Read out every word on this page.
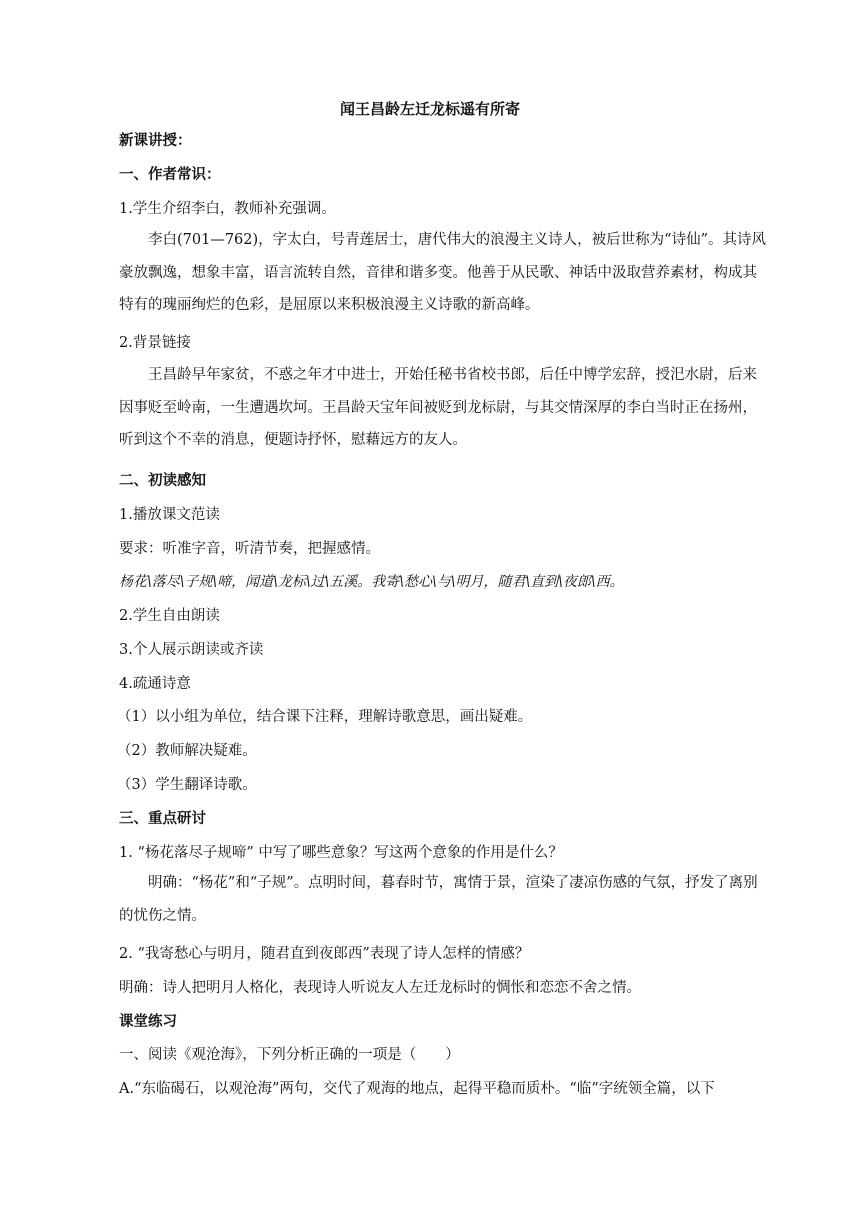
闻王昌龄左迁龙标遥有所寄
新课讲授：
一、作者常识：
1.学生介绍李白，教师补充强调。

李白(701—762)，字太白，号青莲居士，唐代伟大的浪漫主义诗人，被后世称为“诗仙”。其诗风豪放飘逸，想象丰富，语言流转自然，音律和谐多变。他善于从民歌、神话中汲取营养素材，构成其特有的瑰丽绚烂的色彩，是屈原以来积极浪漫主义诗歌的新高峰。

2.背景链接

王昌龄早年家贫，不惑之年才中进士，开始任秘书省校书郎，后任中博学宏辞，授汜水尉，后来因事贬至岭南，一生遭遇坎坷。王昌龄天宝年间被贬到龙标尉，与其交情深厚的李白当时正在扬州，听到这个不幸的消息，便题诗抒怀，慰藉远方的友人。

二、初读感知
1.播放课文范读
要求：听准字音，听清节奏，把握感情。
杨花\落尽\子规\啼，闻道\龙标\过\五溪。我寄\愁心\与\明月，随君\直到\夜郎\西。
2.学生自由朗读
3.个人展示朗读或齐读
4.疏通诗意
（1）以小组为单位，结合课下注释，理解诗歌意思，画出疑难。
（2）教师解决疑难。
（3）学生翻译诗歌。
三、重点研讨
1. “杨花落尽子规啼” 中写了哪些意象？写这两个意象的作用是什么？

明确：“杨花”和“子规”。点明时间，暮春时节，寓情于景，渲染了凄凉伤感的气氛，抒发了离别的忧伤之情。

2. “我寄愁心与明月，随君直到夜郎西”表现了诗人怎样的情感？
明确：诗人把明月人格化，表现诗人听说友人左迁龙标时的惆怅和恋恋不舍之情。
课堂练习
一、阅读《观沧海》，下列分析正确的一项是（　　）
A.“东临碣石，以观沧海”两句，交代了观海的地点，起得平稳而质朴。“临”字统领全篇，以下
